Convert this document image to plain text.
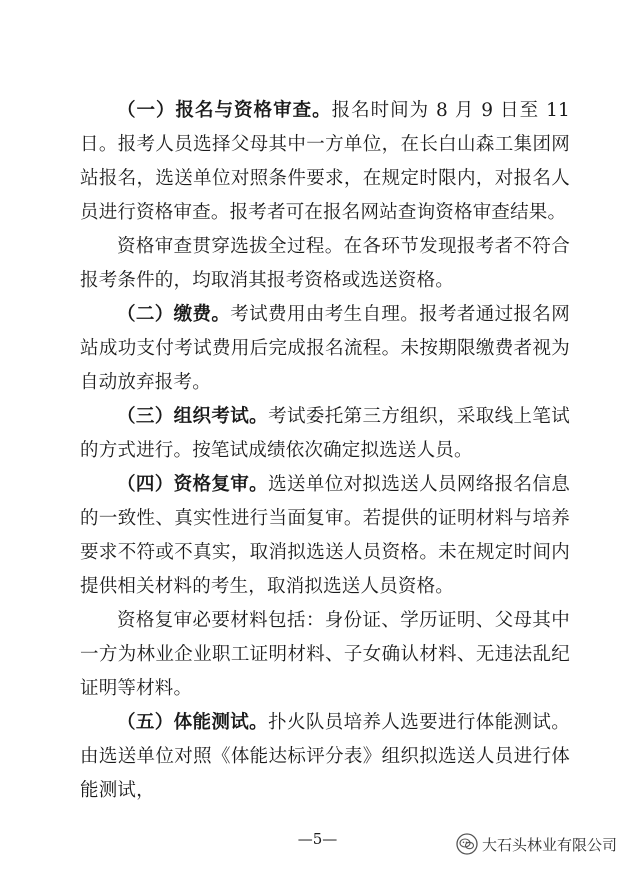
（一）报名与资格审查。报名时间为 8 月 9 日至 11 日。报考人员选择父母其中一方单位，在长白山森工集团网站报名，选送单位对照条件要求，在规定时限内，对报名人员进行资格审查。报考者可在报名网站查询资格审查结果。

资格审查贯穿选拔全过程。在各环节发现报考者不符合报考条件的，均取消其报考资格或选送资格。

（二）缴费。考试费用由考生自理。报考者通过报名网站成功支付考试费用后完成报名流程。未按期限缴费者视为自动放弃报考。

（三）组织考试。考试委托第三方组织，采取线上笔试的方式进行。按笔试成绩依次确定拟选送人员。

（四）资格复审。选送单位对拟选送人员网络报名信息的一致性、真实性进行当面复审。若提供的证明材料与培养要求不符或不真实，取消拟选送人员资格。未在规定时间内提供相关材料的考生，取消拟选送人员资格。

资格复审必要材料包括：身份证、学历证明、父母其中一方为林业企业职工证明材料、子女确认材料、无违法乱纪证明等材料。

（五）体能测试。扑火队员培养人选要进行体能测试。由选送单位对照《体能达标评分表》组织拟选送人员进行体能测试，

—5—	大石头林业有限公司
